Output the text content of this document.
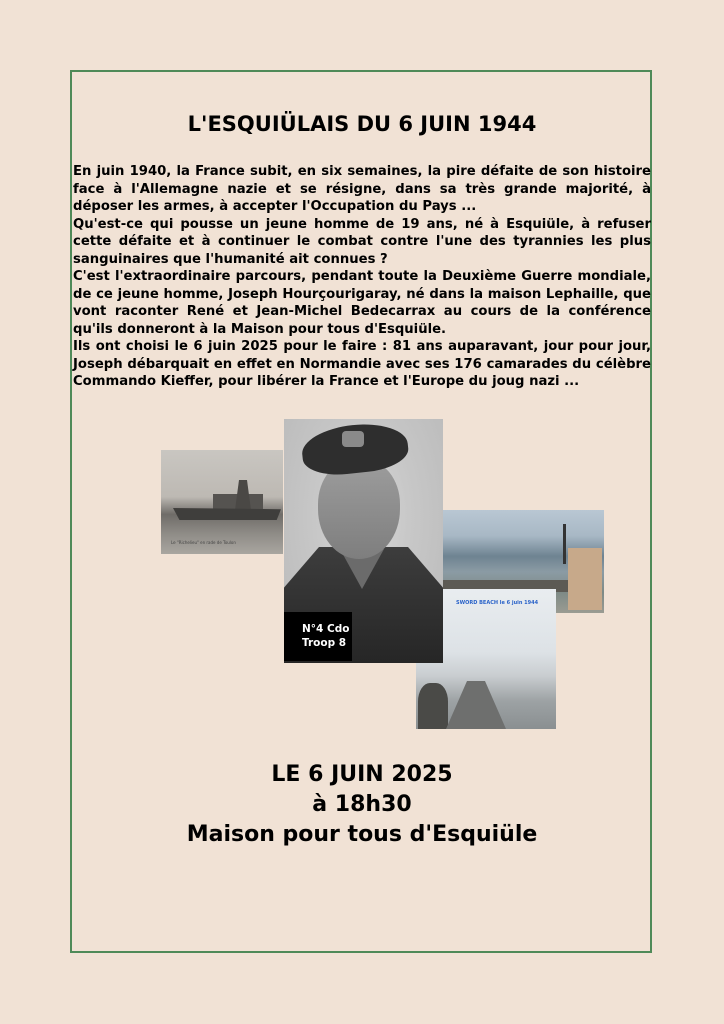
L'ESQUIÜLAIS DU 6 JUIN 1944

En juin 1940, la France subit, en six semaines, la pire défaite de son histoire face à l'Allemagne nazie et se résigne, dans sa très grande majorité, à déposer les armes, à accepter l'Occupation du Pays ...

Qu'est-ce qui pousse un jeune homme de 19 ans, né à Esquiüle, à refuser cette défaite et à continuer le combat contre l'une des tyrannies les plus sanguinaires que l'humanité ait connues ?

C'est l'extraordinaire parcours, pendant toute la Deuxième Guerre mondiale, de ce jeune homme, Joseph Hourçourigaray, né dans la maison Lephaille, que vont raconter René et Jean-Michel Bedecarrax au cours de la conférence qu'ils donneront à la Maison pour tous d'Esquiüle.

Ils ont choisi le 6 juin 2025 pour le faire : 81 ans auparavant, jour pour jour, Joseph débarquait en effet en Normandie avec ses 176 camarades du célèbre Commando Kieffer, pour libérer la France et l'Europe du joug nazi ...

Le "Richelieu" en rade de Toulon
SWORD BEACH le 6 juin 1944
N°4 Cdo
Troop 8
LE 6 JUIN 2025
à 18h30
Maison pour tous d'Esquiüle
